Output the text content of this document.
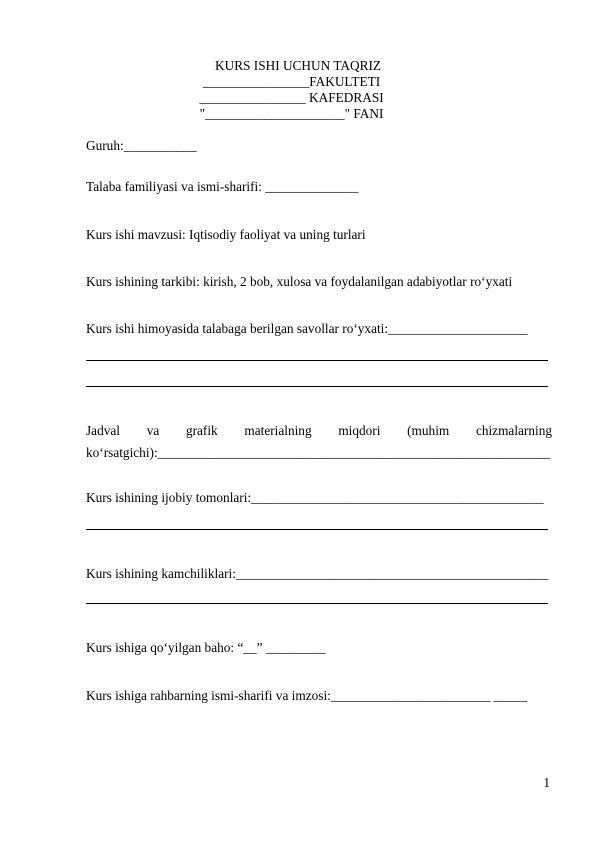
KURS ISHI UCHUN TAQRIZ
________________FAKULTETI
________________ KAFEDRASI
"_____________________" FANI
Guruh:___________
Talaba familiyasi va ismi-sharifi: ______________
Kurs ishi mavzusi: Iqtisodiy faoliyat va uning turlari
Kurs ishining tarkibi: kirish, 2 bob, xulosa va foydalanilgan adabiyotlar ro‘yxati
Kurs ishi himoyasida talabaga berilgan savollar ro‘yxati:_____________________
Jadval va grafik materialning miqdori (muhim chizmalarning
ko‘rsatgichi):___________________________________________________________
Kurs ishining ijobiy tomonlari:____________________________________________
Kurs ishining kamchiliklari:_______________________________________________
Kurs ishiga qo‘yilgan baho: “__” _________
Kurs ishiga rahbarning ismi-sharifi va imzosi:________________________ _____
1
